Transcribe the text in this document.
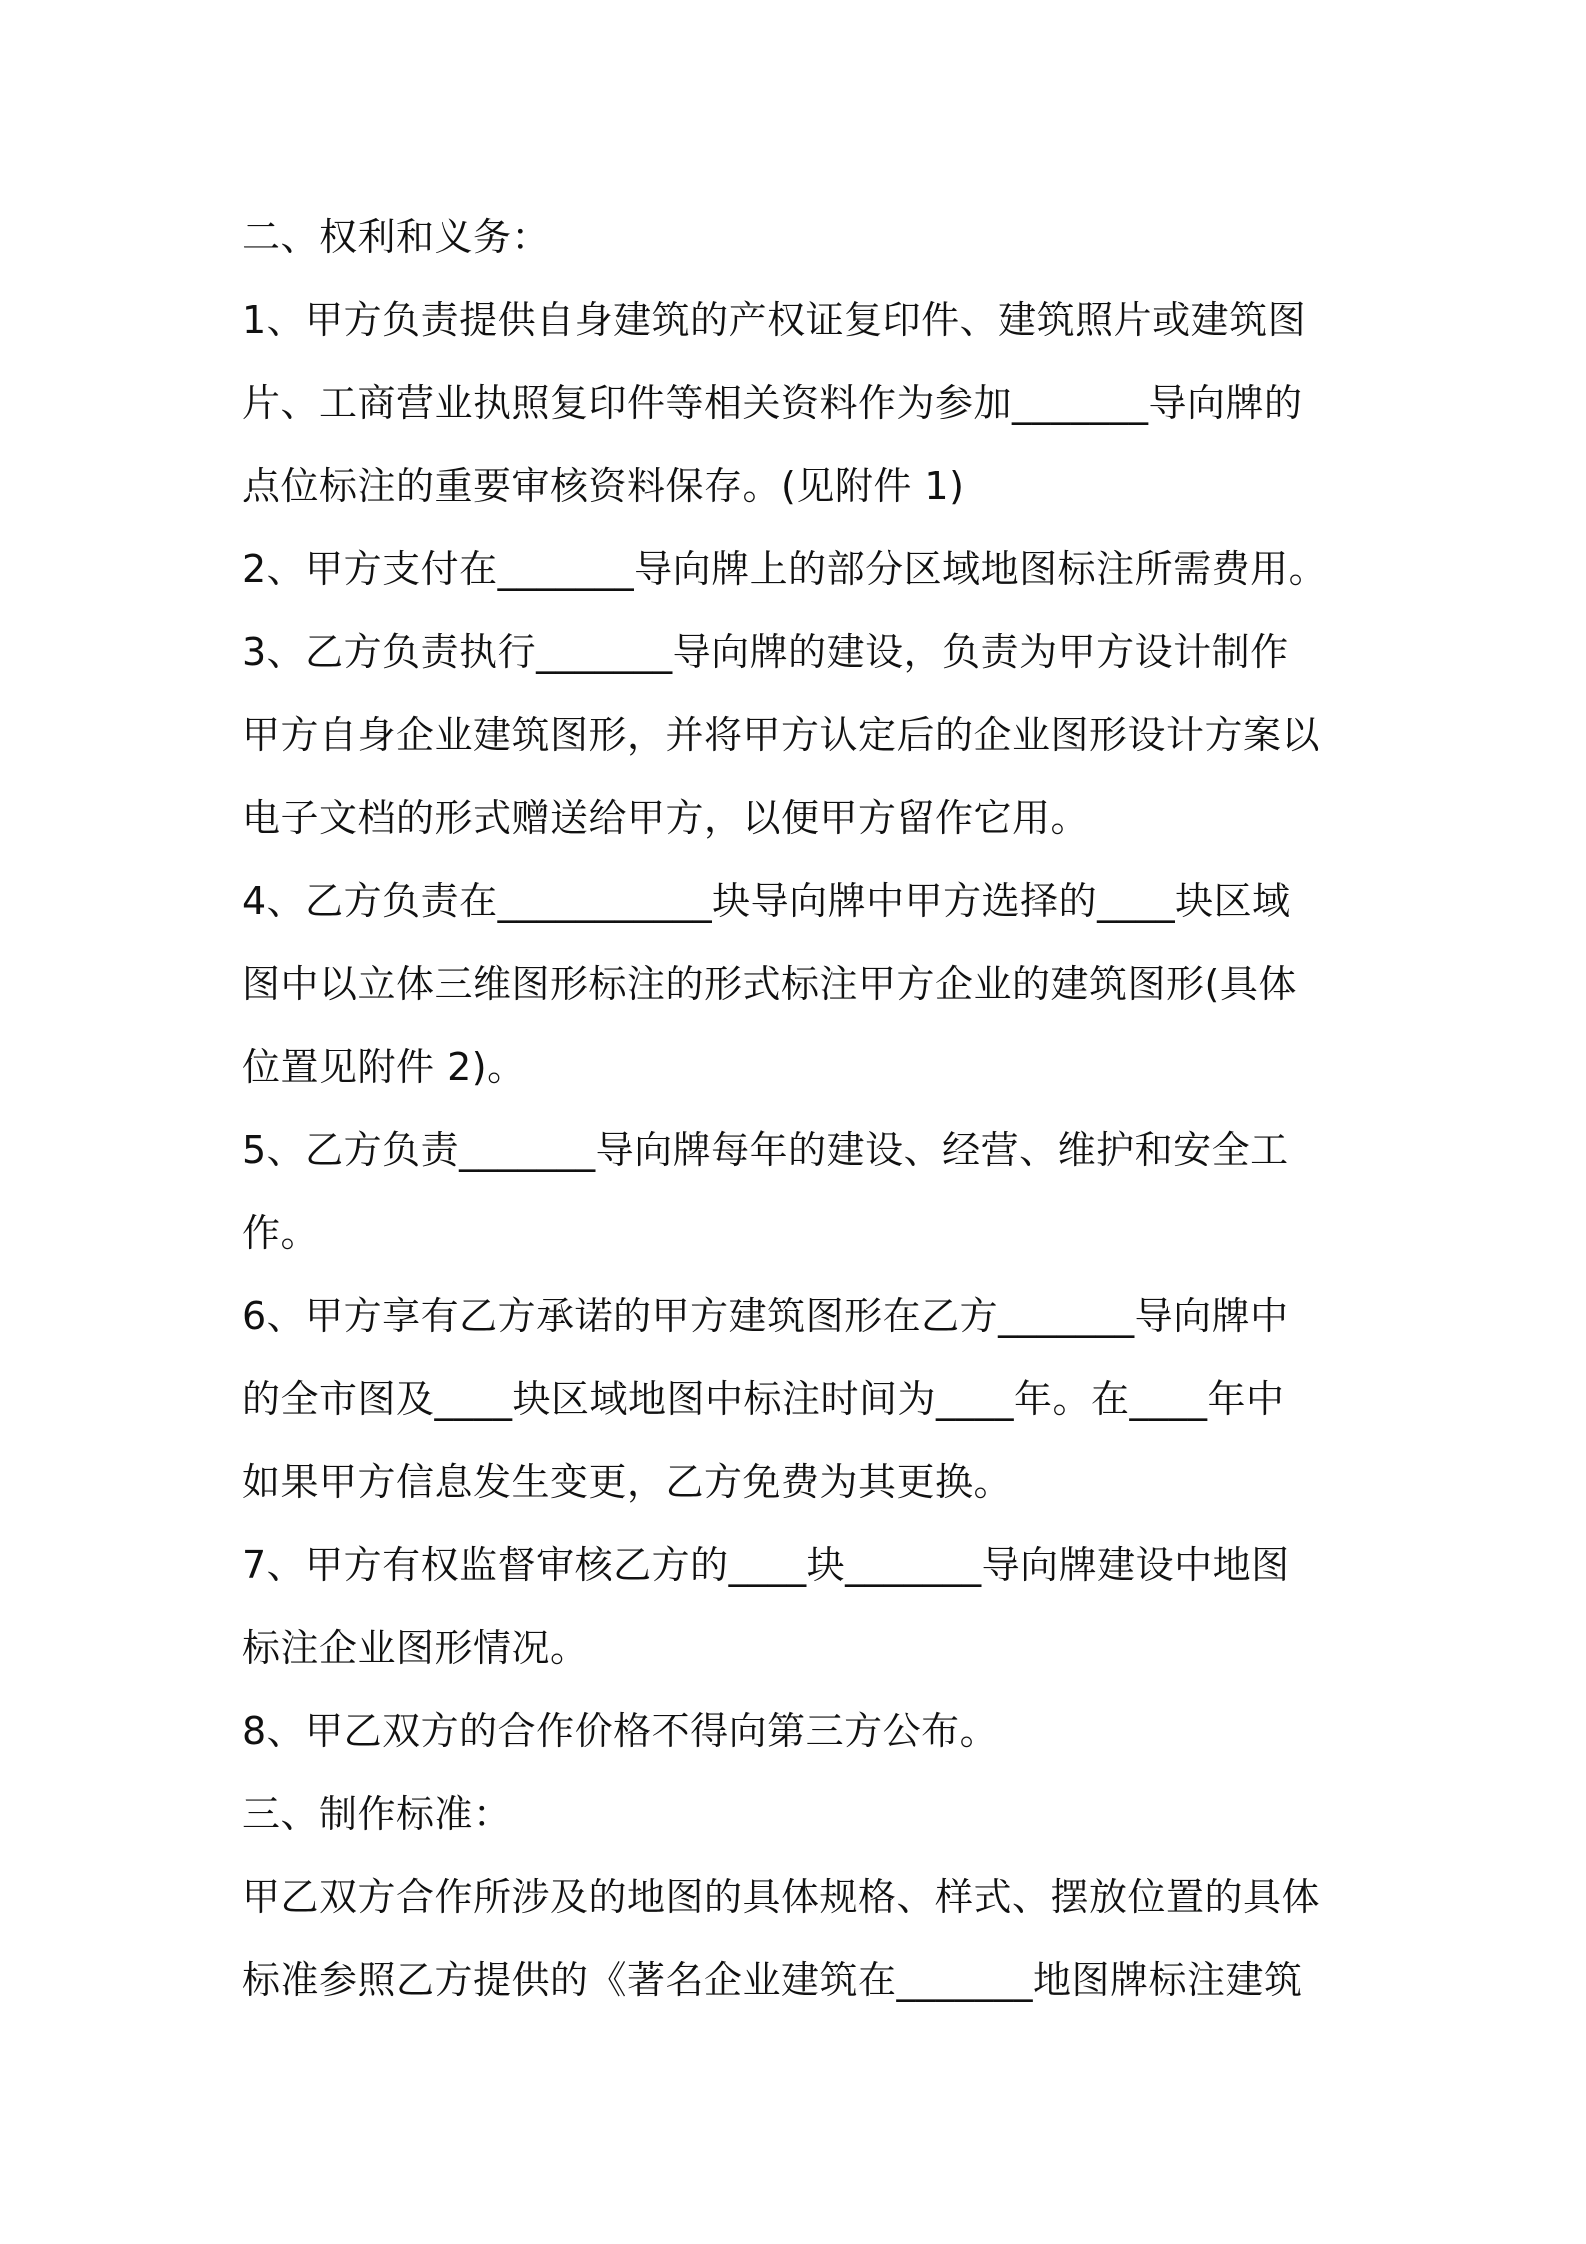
二、权利和义务：
1、甲方负责提供自身建筑的产权证复印件、建筑照片或建筑图
片、工商营业执照复印件等相关资料作为参加_______导向牌的
点位标注的重要审核资料保存。(见附件 1)
2、甲方支付在_______导向牌上的部分区域地图标注所需费用。
3、乙方负责执行_______导向牌的建设，负责为甲方设计制作
甲方自身企业建筑图形，并将甲方认定后的企业图形设计方案以
电子文档的形式赠送给甲方，以便甲方留作它用。
4、乙方负责在___________块导向牌中甲方选择的____块区域
图中以立体三维图形标注的形式标注甲方企业的建筑图形(具体
位置见附件 2)。
5、乙方负责_______导向牌每年的建设、经营、维护和安全工
作。
6、甲方享有乙方承诺的甲方建筑图形在乙方_______导向牌中
的全市图及____块区域地图中标注时间为____年。在____年中
如果甲方信息发生变更，乙方免费为其更换。
7、甲方有权监督审核乙方的____块_______导向牌建设中地图
标注企业图形情况。
8、甲乙双方的合作价格不得向第三方公布。
三、制作标准：
甲乙双方合作所涉及的地图的具体规格、样式、摆放位置的具体
标准参照乙方提供的《著名企业建筑在_______地图牌标注建筑
